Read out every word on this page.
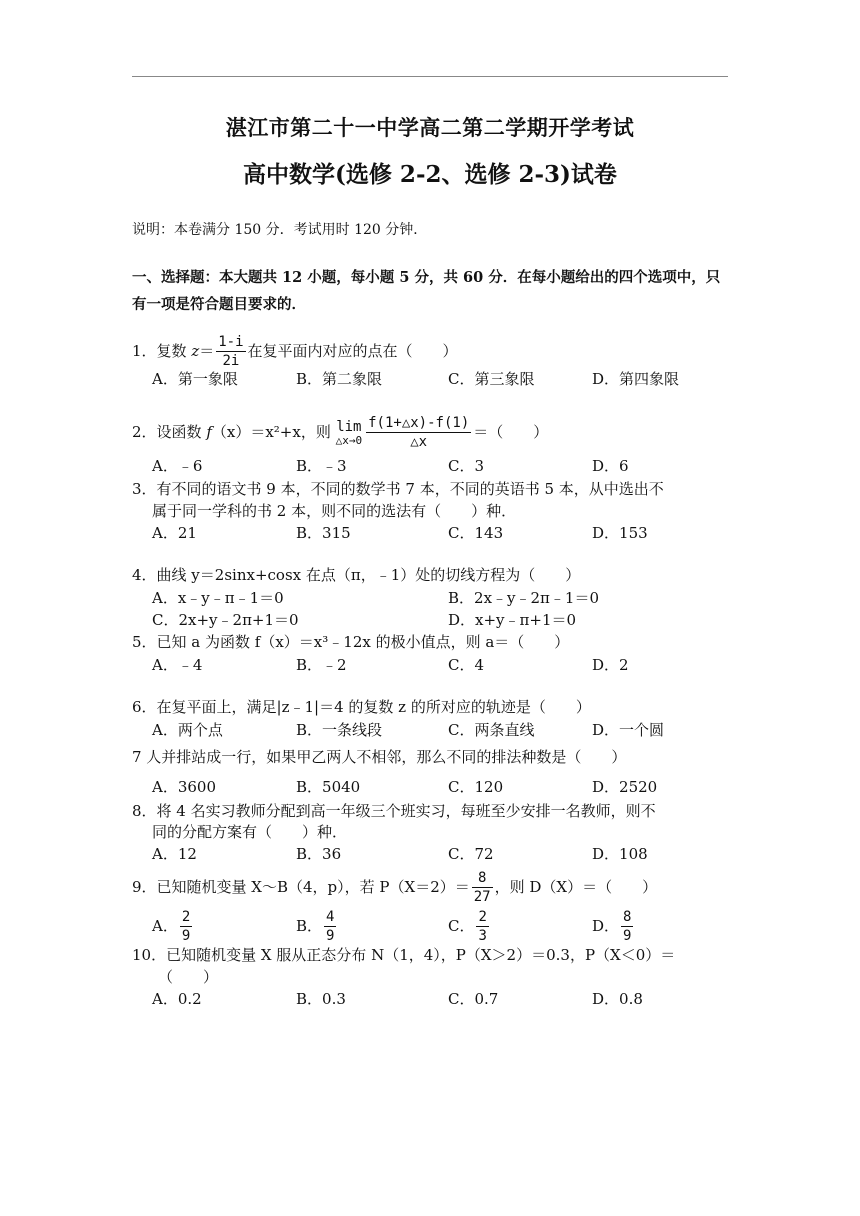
湛江市第二十一中学高二第二学期开学考试
高中数学(选修 2-2、选修 2-3)试卷
说明：本卷满分 150 分．考试用时 120 分钟．
一、选择题：本大题共 12 小题，每小题 5 分，共 60 分．在每小题给出的四个选项中，只
有一项是符合题目要求的．
1．复数 $z= \frac{1-i}{2i}$ 在复平面内对应的点在（　　）
A．第一象限	B．第二象限	C．第三象限	D．第四象限
2．设函数 f（x）＝x²+x，则 lim
△x→0 $\frac{f(1+\triangle x)-f(1)}{\triangle x}$ ＝（　　）
A．﹣6	B．﹣3	C．3	D．6
3．有不同的语文书 9 本，不同的数学书 7 本，不同的英语书 5 本，从中选出不
属于同一学科的书 2 本，则不同的选法有（　　）种．
A．21	B．315	C．143	D．153
4．曲线 y＝2sinx+cosx 在点（π，﹣1）处的切线方程为（　　）
A．x﹣y﹣π﹣1＝0	B．2x﹣y﹣2π﹣1＝0
C．2x+y﹣2π+1＝0	D．x+y﹣π+1＝0
5．已知 a 为函数 f（x）＝x³﹣12x 的极小值点，则 a＝（　　）
A．﹣4	B．﹣2	C．4	D．2
6．在复平面上，满足|z﹣1|＝4 的复数 z 的所对应的轨迹是（　　）
A．两个点	B．一条线段	C．两条直线	D．一个圆
7 人并排站成一行，如果甲乙两人不相邻，那么不同的排法种数是（　　）
A．3600	B．5040	C．120	D．2520
8．将 4 名实习教师分配到高一年级三个班实习，每班至少安排一名教师，则不
同的分配方案有（　　）种．
A．12	B．36	C．72	D．108
9．已知随机变量 X～B（4，p），若 $P(X=2)= \frac{8}{27}$ ，则 D（X）＝（　　）
A． $\frac{2}{9}$	B． $\frac{4}{9}$	C． $\frac{2}{3}$	D． $\frac{8}{9}$
10．已知随机变量 X 服从正态分布 N（1，4），P（X＞2）＝0.3，P（X＜0）＝
（　　）
A．0.2	B．0.3	C．0.7	D．0.8
